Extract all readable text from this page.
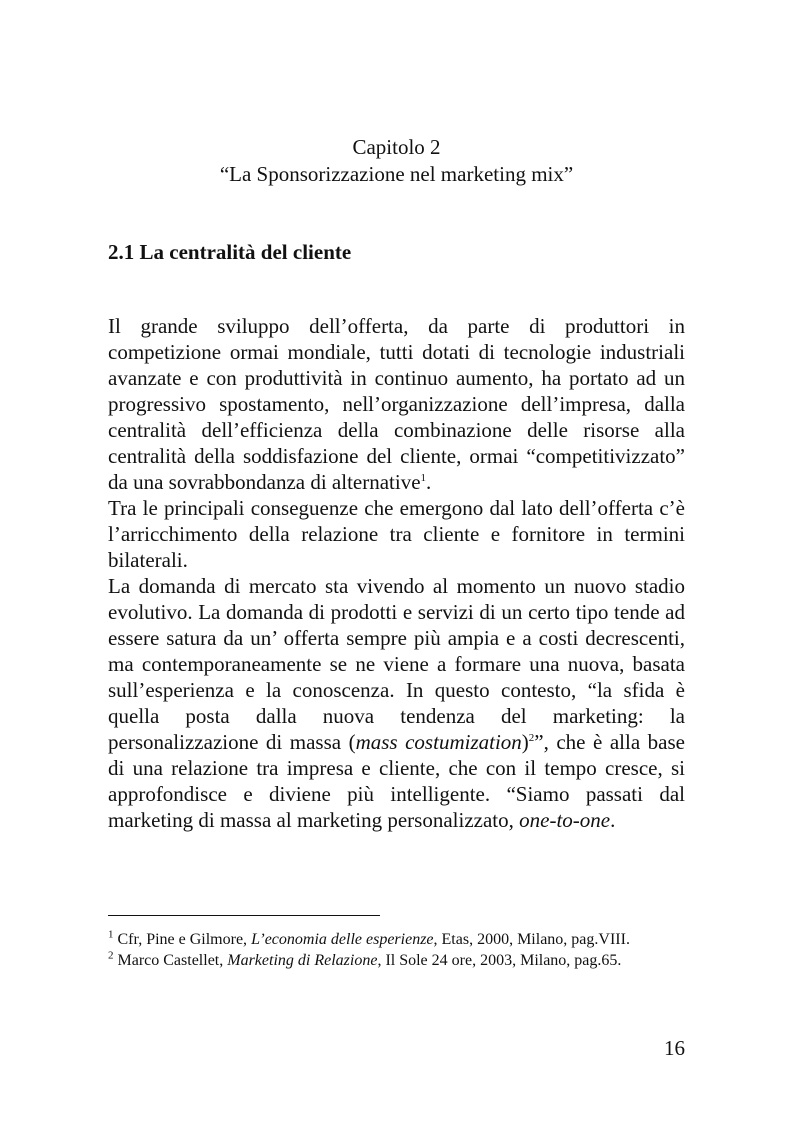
Capitolo 2
“La Sponsorizzazione nel marketing mix”
2.1 La centralità del cliente

Il grande sviluppo dell’offerta, da parte di produttori in competizione ormai mondiale, tutti dotati di tecnologie industriali avanzate e con produttività in continuo aumento, ha portato ad un progressivo spostamento, nell’organizzazione dell’impresa, dalla centralità dell’efficienza della combinazione delle risorse alla centralità della soddisfazione del cliente, ormai “competitivizzato” da una sovrabbondanza di alternative$^1$.

Tra le principali conseguenze che emergono dal lato dell’offerta c’è l’arricchimento della relazione tra cliente e fornitore in termini bilaterali.

La domanda di mercato sta vivendo al momento un nuovo stadio evolutivo. La domanda di prodotti e servizi di un certo tipo tende ad essere satura da un’ offerta sempre più ampia e a costi decrescenti, ma contemporaneamente se ne viene a formare una nuova, basata sull’esperienza e la conoscenza. In questo contesto, “la sfida è quella posta dalla nuova tendenza del marketing: la personalizzazione di massa (mass costumization)$^2$”, che è alla base di una relazione tra impresa e cliente, che con il tempo cresce, si approfondisce e diviene più intelligente. “Siamo passati dal marketing di massa al marketing personalizzato, one-to-one.

$^1$ Cfr, Pine e Gilmore, L’economia delle esperienze, Etas, 2000, Milano, pag.VIII.

$^2$ Marco Castellet, Marketing di Relazione, Il Sole 24 ore, 2003, Milano, pag.65.

16
